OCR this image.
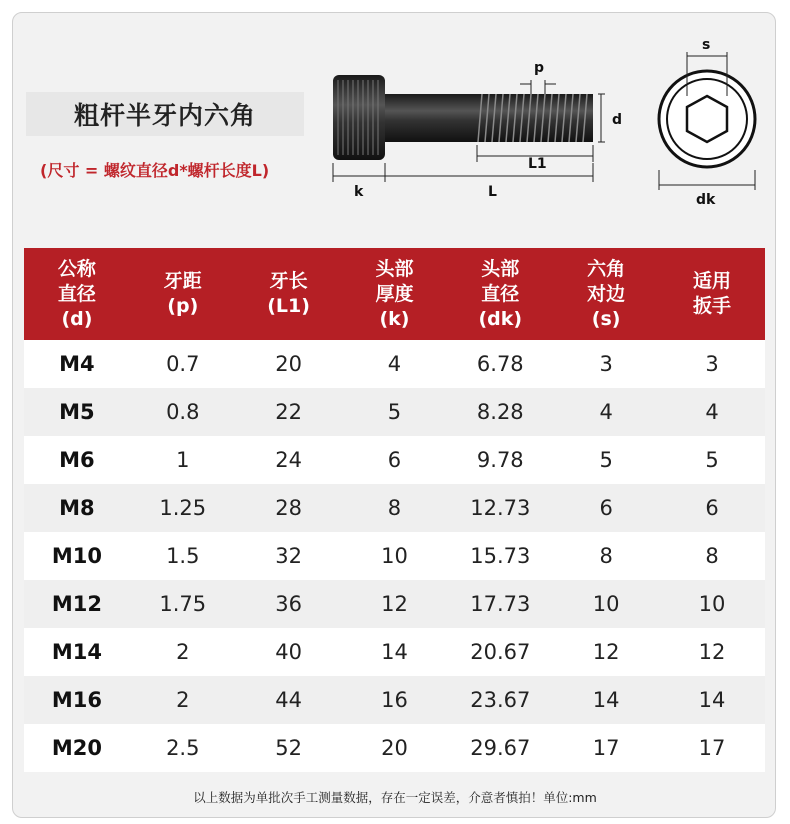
粗杆半牙内六角
(尺寸 = 螺纹直径d*螺杆长度L)
p
d
L1
k	L
s
dk
公称
直径
(d)	牙距
(p)	牙长
(L1)	头部
厚度
(k)	头部
直径
(dk)	六角
对边
(s)	适用
扳手

M4	0.7	20	4	6.78	3	3
M5	0.8	22	5	8.28	4	4
M6	1	24	6	9.78	5	5
M8	1.25	28	8	12.73	6	6
M10	1.5	32	10	15.73	8	8
M12	1.75	36	12	17.73	10	10
M14	2	40	14	20.67	12	12
M16	2	44	16	23.67	14	14
M20	2.5	52	20	29.67	17	17
以上数据为单批次手工测量数据，存在一定误差，介意者慎拍！单位:mm
